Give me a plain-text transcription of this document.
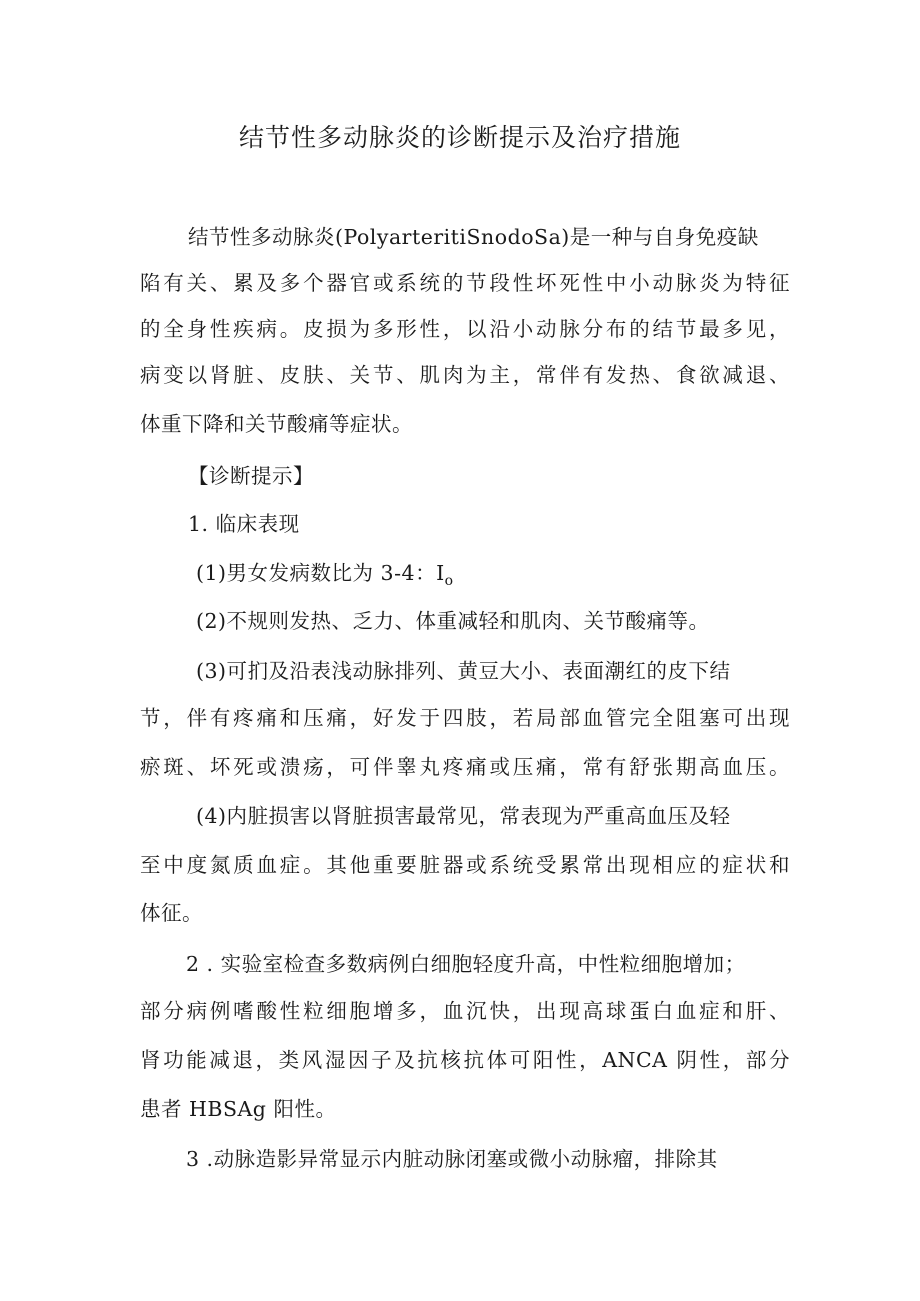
结节性多动脉炎的诊断提示及治疗措施
结节性多动脉炎(PolyarteritiSnodoSa)是一种与自身免疫缺
陷有关、累及多个器官或系统的节段性坏死性中小动脉炎为特征
的全身性疾病。皮损为多形性，以沿小动脉分布的结节最多见，
病变以肾脏、皮肤、关节、肌肉为主，常伴有发热、食欲减退、
体重下降和关节酸痛等症状。
【诊断提示】
1. 临床表现
(1)男女发病数比为 3-4：$I_o$
(2)不规则发热、乏力、体重减轻和肌肉、关节酸痛等。
(3)可扪及沿表浅动脉排列、黄豆大小、表面潮红的皮下结
节，伴有疼痛和压痛，好发于四肢，若局部血管完全阻塞可出现
瘀斑、坏死或溃疡，可伴睾丸疼痛或压痛，常有舒张期高血压。
(4)内脏损害以肾脏损害最常见，常表现为严重高血压及轻
至中度氮质血症。其他重要脏器或系统受累常出现相应的症状和
体征。
2 . 实验室检查多数病例白细胞轻度升高，中性粒细胞增加；
部分病例嗜酸性粒细胞增多，血沉快，出现高球蛋白血症和肝、
肾功能减退，类风湿因子及抗核抗体可阳性，ANCA 阴性，部分
患者 HBSAg 阳性。
3 .动脉造影异常显示内脏动脉闭塞或微小动脉瘤，排除其
